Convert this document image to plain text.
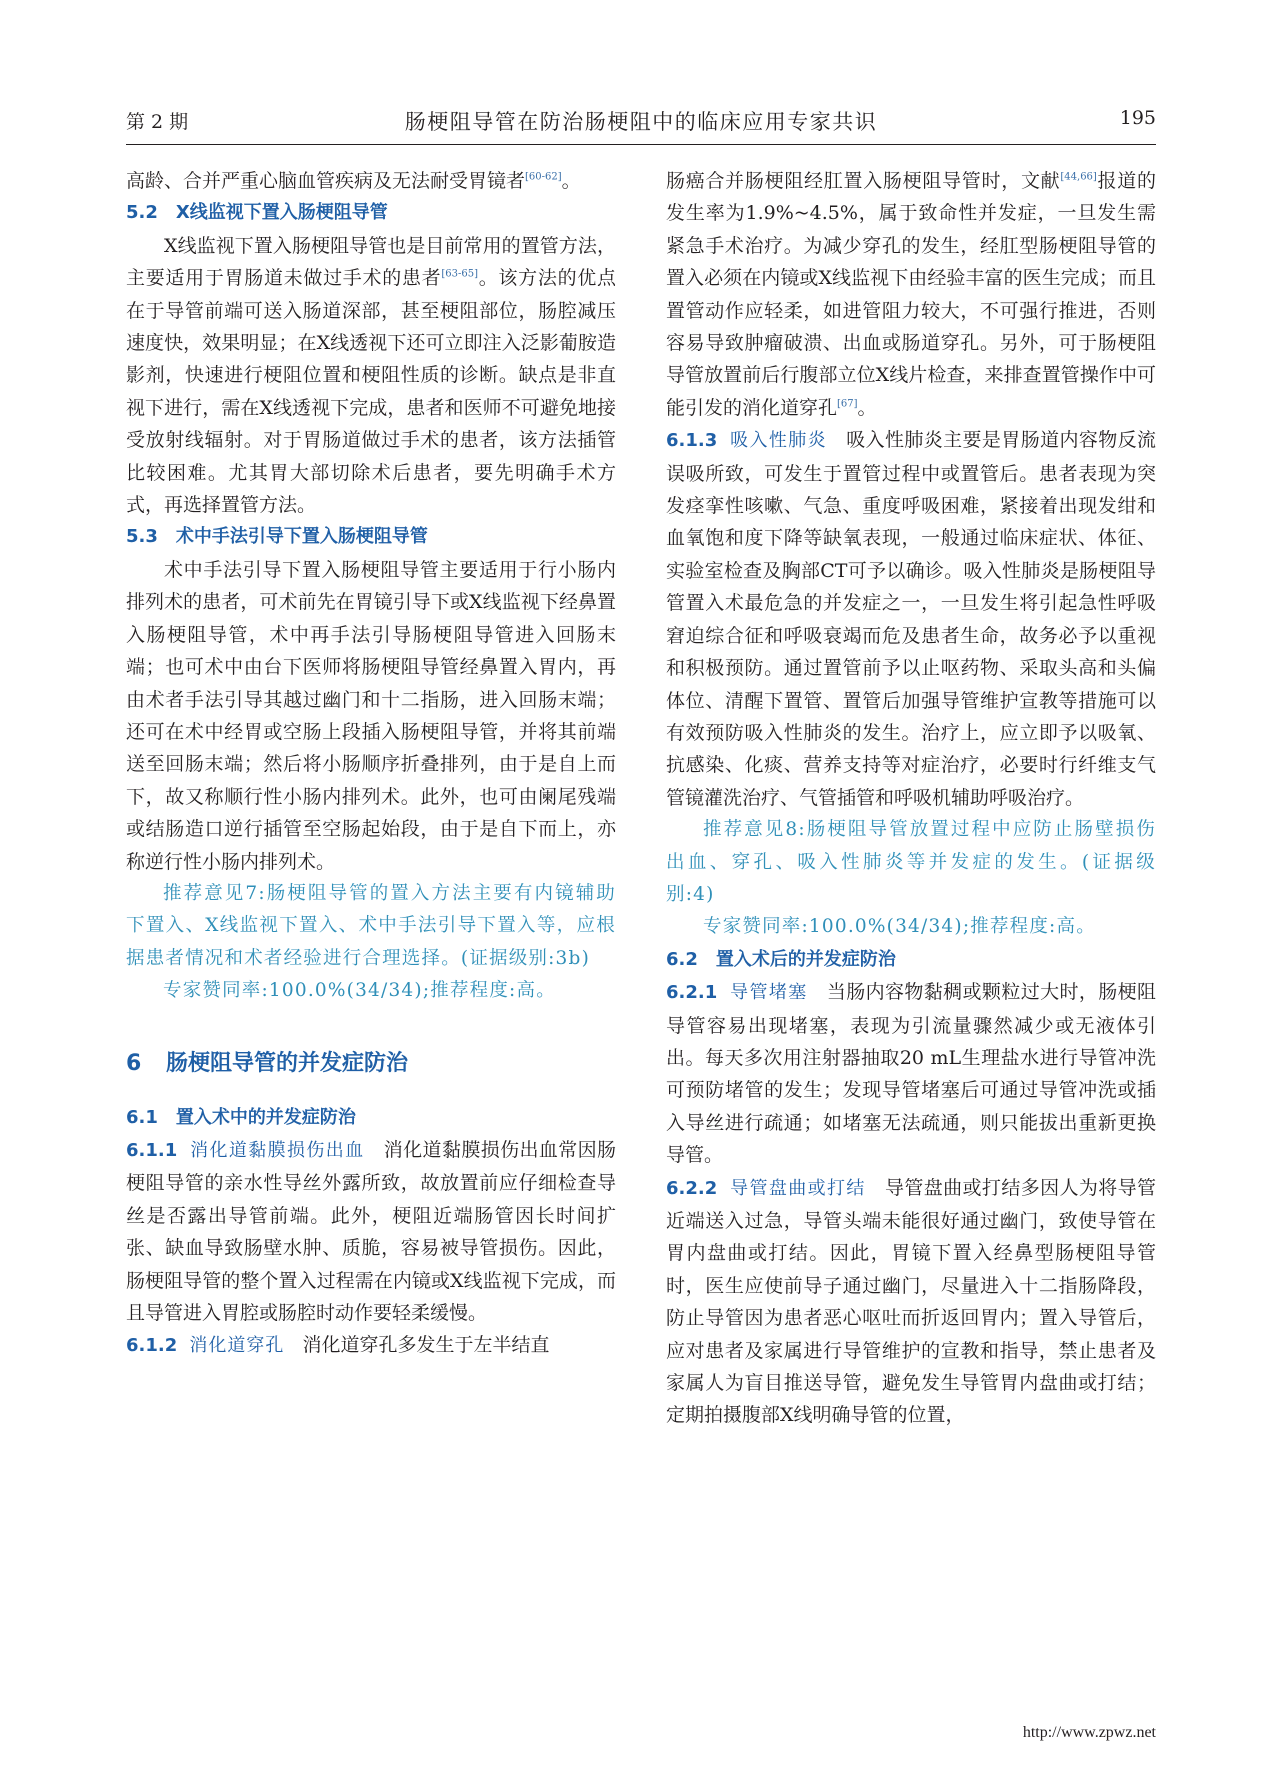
第 2 期	肠梗阻导管在防治肠梗阻中的临床应用专家共识	195

高龄、合并严重心脑血管疾病及无法耐受胃镜者[60-62]。

5.2　X线监视下置入肠梗阻导管

X线监视下置入肠梗阻导管也是目前常用的置管方法，主要适用于胃肠道未做过手术的患者[63-65]。该方法的优点在于导管前端可送入肠道深部，甚至梗阻部位，肠腔减压速度快，效果明显；在X线透视下还可立即注入泛影葡胺造影剂，快速进行梗阻位置和梗阻性质的诊断。缺点是非直视下进行，需在X线透视下完成，患者和医师不可避免地接受放射线辐射。对于胃肠道做过手术的患者，该方法插管比较困难。尤其胃大部切除术后患者，要先明确手术方式，再选择置管方法。

5.3　术中手法引导下置入肠梗阻导管

术中手法引导下置入肠梗阻导管主要适用于行小肠内排列术的患者，可术前先在胃镜引导下或X线监视下经鼻置入肠梗阻导管，术中再手法引导肠梗阻导管进入回肠末端；也可术中由台下医师将肠梗阻导管经鼻置入胃内，再由术者手法引导其越过幽门和十二指肠，进入回肠末端；还可在术中经胃或空肠上段插入肠梗阻导管，并将其前端送至回肠末端；然后将小肠顺序折叠排列，由于是自上而下，故又称顺行性小肠内排列术。此外，也可由阑尾残端或结肠造口逆行插管至空肠起始段，由于是自下而上，亦称逆行性小肠内排列术。

推荐意见7:肠梗阻导管的置入方法主要有内镜辅助下置入、X线监视下置入、术中手法引导下置入等，应根据患者情况和术者经验进行合理选择。(证据级别:3b)

专家赞同率:100.0%(34/34);推荐程度:高。

6 肠梗阻导管的并发症防治

6.1　置入术中的并发症防治

6.1.1 消化道黏膜损伤出血 消化道黏膜损伤出血常因肠梗阻导管的亲水性导丝外露所致，故放置前应仔细检查导丝是否露出导管前端。此外，梗阻近端肠管因长时间扩张、缺血导致肠壁水肿、质脆，容易被导管损伤。因此，肠梗阻导管的整个置入过程需在内镜或X线监视下完成，而且导管进入胃腔或肠腔时动作要轻柔缓慢。

6.1.2 消化道穿孔 消化道穿孔多发生于左半结直

肠癌合并肠梗阻经肛置入肠梗阻导管时，文献[44,66]报道的发生率为1.9%~4.5%，属于致命性并发症，一旦发生需紧急手术治疗。为减少穿孔的发生，经肛型肠梗阻导管的置入必须在内镜或X线监视下由经验丰富的医生完成；而且置管动作应轻柔，如进管阻力较大，不可强行推进，否则容易导致肿瘤破溃、出血或肠道穿孔。另外，可于肠梗阻导管放置前后行腹部立位X线片检查，来排查置管操作中可能引发的消化道穿孔[67]。

6.1.3 吸入性肺炎 吸入性肺炎主要是胃肠道内容物反流误吸所致，可发生于置管过程中或置管后。患者表现为突发痉挛性咳嗽、气急、重度呼吸困难，紧接着出现发绀和血氧饱和度下降等缺氧表现，一般通过临床症状、体征、实验室检查及胸部CT可予以确诊。吸入性肺炎是肠梗阻导管置入术最危急的并发症之一，一旦发生将引起急性呼吸窘迫综合征和呼吸衰竭而危及患者生命，故务必予以重视和积极预防。通过置管前予以止呕药物、采取头高和头偏体位、清醒下置管、置管后加强导管维护宣教等措施可以有效预防吸入性肺炎的发生。治疗上，应立即予以吸氧、抗感染、化痰、营养支持等对症治疗，必要时行纤维支气管镜灌洗治疗、气管插管和呼吸机辅助呼吸治疗。

推荐意见8:肠梗阻导管放置过程中应防止肠壁损伤出血、穿孔、吸入性肺炎等并发症的发生。(证据级别:4)

专家赞同率:100.0%(34/34);推荐程度:高。

6.2　置入术后的并发症防治

6.2.1 导管堵塞 当肠内容物黏稠或颗粒过大时，肠梗阻导管容易出现堵塞，表现为引流量骤然减少或无液体引出。每天多次用注射器抽取20 mL生理盐水进行导管冲洗可预防堵管的发生；发现导管堵塞后可通过导管冲洗或插入导丝进行疏通；如堵塞无法疏通，则只能拔出重新更换导管。

6.2.2 导管盘曲或打结 导管盘曲或打结多因人为将导管近端送入过急，导管头端未能很好通过幽门，致使导管在胃内盘曲或打结。因此，胃镜下置入经鼻型肠梗阻导管时，医生应使前导子通过幽门，尽量进入十二指肠降段，防止导管因为患者恶心呕吐而折返回胃内；置入导管后，应对患者及家属进行导管维护的宣教和指导，禁止患者及家属人为盲目推送导管，避免发生导管胃内盘曲或打结；定期拍摄腹部X线明确导管的位置，

http://www.zpwz.net
